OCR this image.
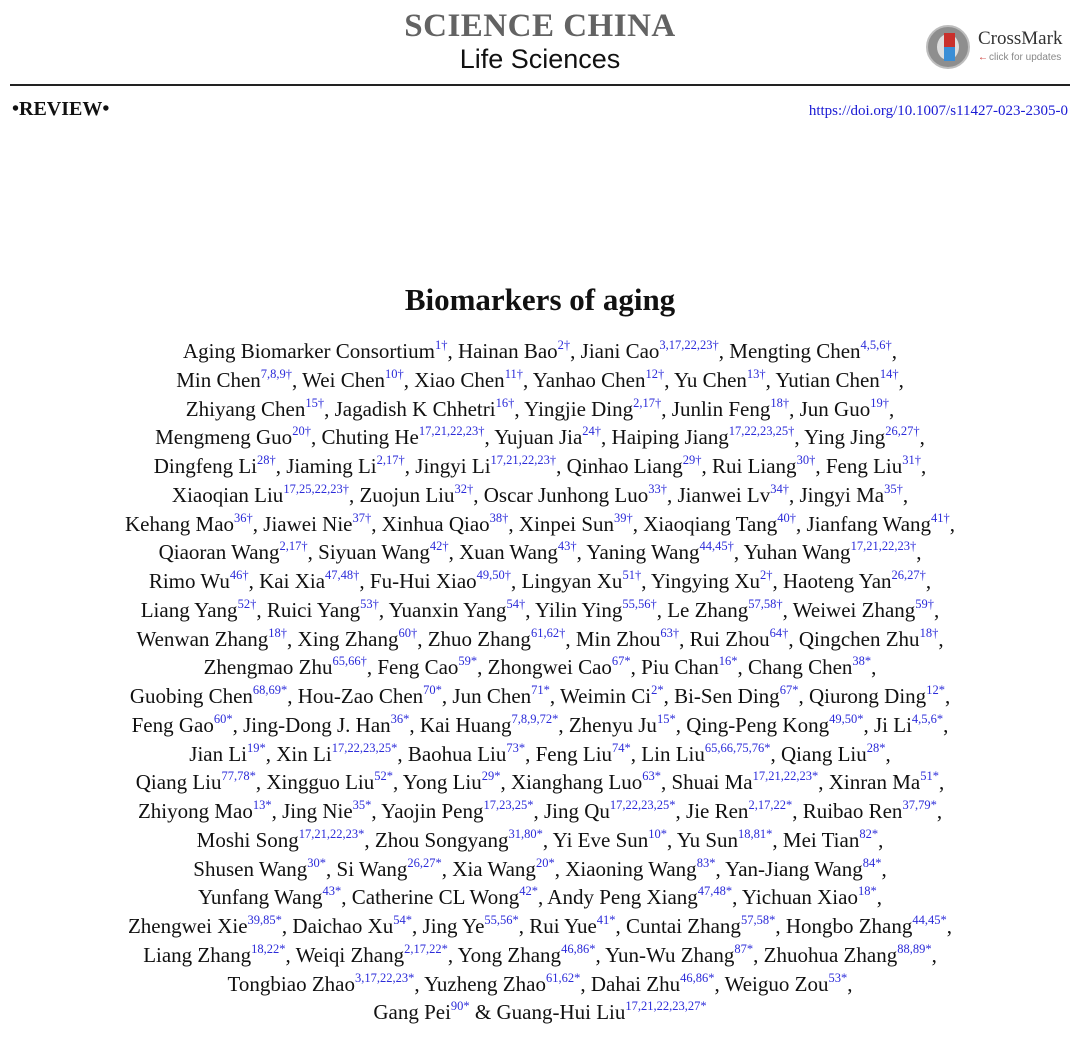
SCIENCE CHINA
Life Sciences
CrossMark
←click for updates
•REVIEW•	https://doi.org/10.1007/s11427-023-2305-0
Biomarkers of aging
Aging Biomarker Consortium$^{1\dagger}$, Hainan Bao$^{2\dagger}$, Jiani Cao$^{3,17,22,23\dagger}$, Mengting Chen$^{4,5,6\dagger}$,
Min Chen$^{7,8,9\dagger}$, Wei Chen$^{10\dagger}$, Xiao Chen$^{11\dagger}$, Yanhao Chen$^{12\dagger}$, Yu Chen$^{13\dagger}$, Yutian Chen$^{14\dagger}$,
Zhiyang Chen$^{15\dagger}$, Jagadish K Chhetri$^{16\dagger}$, Yingjie Ding$^{2,17\dagger}$, Junlin Feng$^{18\dagger}$, Jun Guo$^{19\dagger}$,
Mengmeng Guo$^{20\dagger}$, Chuting He$^{17,21,22,23\dagger}$, Yujuan Jia$^{24\dagger}$, Haiping Jiang$^{17,22,23,25\dagger}$, Ying Jing$^{26,27\dagger}$,
Dingfeng Li$^{28\dagger}$, Jiaming Li$^{2,17\dagger}$, Jingyi Li$^{17,21,22,23\dagger}$, Qinhao Liang$^{29\dagger}$, Rui Liang$^{30\dagger}$, Feng Liu$^{31\dagger}$,
Xiaoqian Liu$^{17,25,22,23\dagger}$, Zuojun Liu$^{32\dagger}$, Oscar Junhong Luo$^{33\dagger}$, Jianwei Lv$^{34\dagger}$, Jingyi Ma$^{35\dagger}$,
Kehang Mao$^{36\dagger}$, Jiawei Nie$^{37\dagger}$, Xinhua Qiao$^{38\dagger}$, Xinpei Sun$^{39\dagger}$, Xiaoqiang Tang$^{40\dagger}$, Jianfang Wang$^{41\dagger}$,
Qiaoran Wang$^{2,17\dagger}$, Siyuan Wang$^{42\dagger}$, Xuan Wang$^{43\dagger}$, Yaning Wang$^{44,45\dagger}$, Yuhan Wang$^{17,21,22,23\dagger}$,
Rimo Wu$^{46\dagger}$, Kai Xia$^{47,48\dagger}$, Fu-Hui Xiao$^{49,50\dagger}$, Lingyan Xu$^{51\dagger}$, Yingying Xu$^{2\dagger}$, Haoteng Yan$^{26,27\dagger}$,
Liang Yang$^{52\dagger}$, Ruici Yang$^{53\dagger}$, Yuanxin Yang$^{54\dagger}$, Yilin Ying$^{55,56\dagger}$, Le Zhang$^{57,58\dagger}$, Weiwei Zhang$^{59\dagger}$,
Wenwan Zhang$^{18\dagger}$, Xing Zhang$^{60\dagger}$, Zhuo Zhang$^{61,62\dagger}$, Min Zhou$^{63\dagger}$, Rui Zhou$^{64\dagger}$, Qingchen Zhu$^{18\dagger}$,
Zhengmao Zhu$^{65,66\dagger}$, Feng Cao$^{59*}$, Zhongwei Cao$^{67*}$, Piu Chan$^{16*}$, Chang Chen$^{38*}$,
Guobing Chen$^{68,69*}$, Hou-Zao Chen$^{70*}$, Jun Chen$^{71*}$, Weimin Ci$^{2*}$, Bi-Sen Ding$^{67*}$, Qiurong Ding$^{12*}$,
Feng Gao$^{60*}$, Jing-Dong J. Han$^{36*}$, Kai Huang$^{7,8,9,72*}$, Zhenyu Ju$^{15*}$, Qing-Peng Kong$^{49,50*}$, Ji Li$^{4,5,6*}$,
Jian Li$^{19*}$, Xin Li$^{17,22,23,25*}$, Baohua Liu$^{73*}$, Feng Liu$^{74*}$, Lin Liu$^{65,66,75,76*}$, Qiang Liu$^{28*}$,
Qiang Liu$^{77,78*}$, Xingguo Liu$^{52*}$, Yong Liu$^{29*}$, Xianghang Luo$^{63*}$, Shuai Ma$^{17,21,22,23*}$, Xinran Ma$^{51*}$,
Zhiyong Mao$^{13*}$, Jing Nie$^{35*}$, Yaojin Peng$^{17,23,25*}$, Jing Qu$^{17,22,23,25*}$, Jie Ren$^{2,17,22*}$, Ruibao Ren$^{37,79*}$,
Moshi Song$^{17,21,22,23*}$, Zhou Songyang$^{31,80*}$, Yi Eve Sun$^{10*}$, Yu Sun$^{18,81*}$, Mei Tian$^{82*}$,
Shusen Wang$^{30*}$, Si Wang$^{26,27*}$, Xia Wang$^{20*}$, Xiaoning Wang$^{83*}$, Yan-Jiang Wang$^{84*}$,
Yunfang Wang$^{43*}$, Catherine CL Wong$^{42*}$, Andy Peng Xiang$^{47,48*}$, Yichuan Xiao$^{18*}$,
Zhengwei Xie$^{39,85*}$, Daichao Xu$^{54*}$, Jing Ye$^{55,56*}$, Rui Yue$^{41*}$, Cuntai Zhang$^{57,58*}$, Hongbo Zhang$^{44,45*}$,
Liang Zhang$^{18,22*}$, Weiqi Zhang$^{2,17,22*}$, Yong Zhang$^{46,86*}$, Yun-Wu Zhang$^{87*}$, Zhuohua Zhang$^{88,89*}$,
Tongbiao Zhao$^{3,17,22,23*}$, Yuzheng Zhao$^{61,62*}$, Dahai Zhu$^{46,86*}$, Weiguo Zou$^{53*}$,
Gang Pei$^{90*}$ & Guang-Hui Liu$^{17,21,22,23,27*}$
